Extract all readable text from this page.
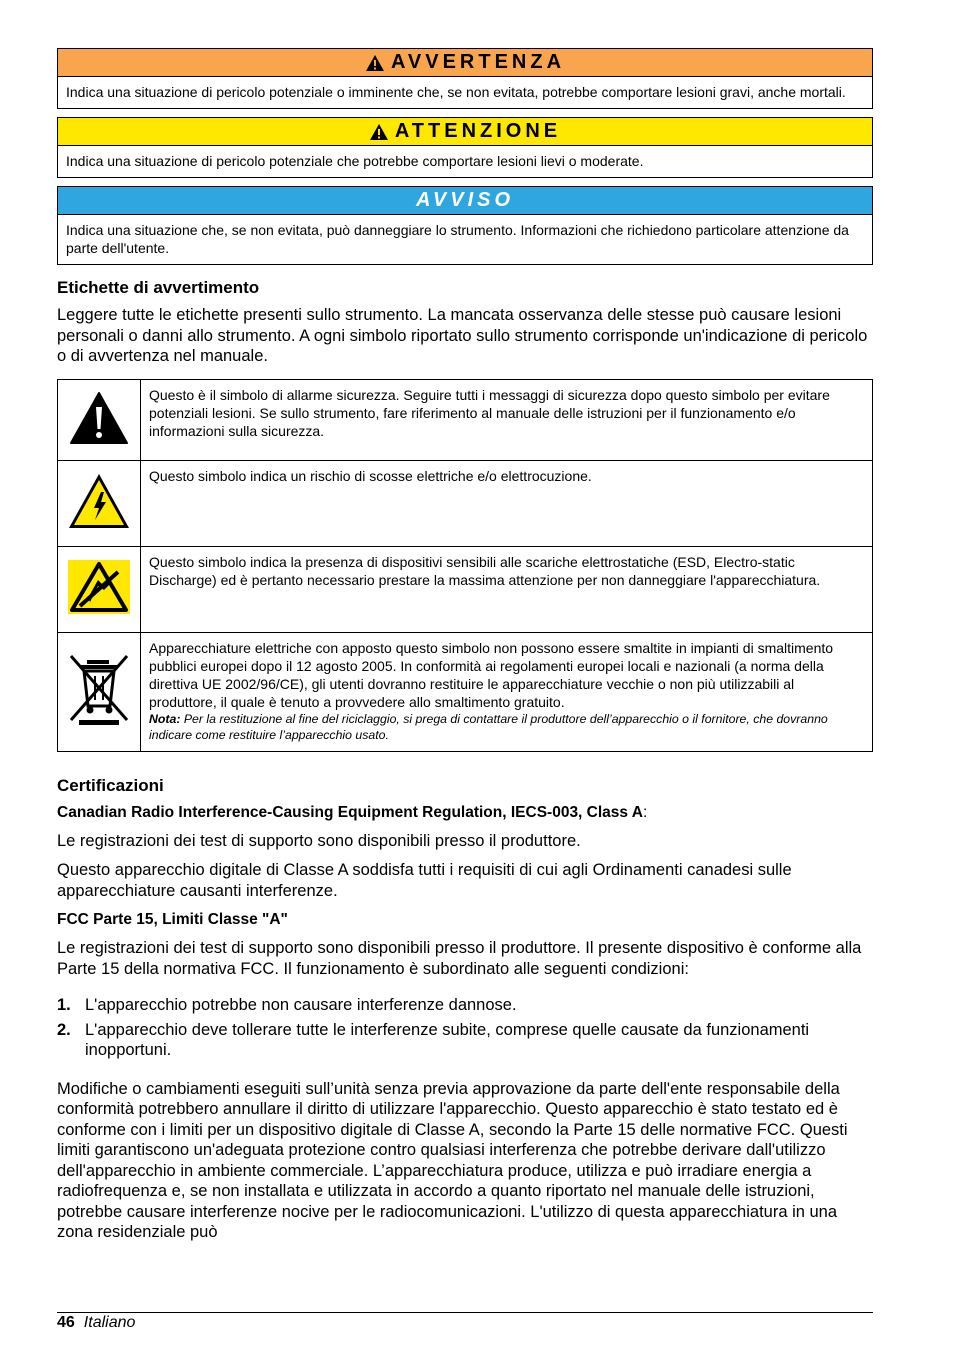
AVVERTENZA
Indica una situazione di pericolo potenziale o imminente che, se non evitata, potrebbe comportare lesioni gravi, anche mortali.
ATTENZIONE
Indica una situazione di pericolo potenziale che potrebbe comportare lesioni lievi o moderate.
AVVISO
Indica una situazione che, se non evitata, può danneggiare lo strumento. Informazioni che richiedono particolare attenzione da parte dell'utente.
Etichette di avvertimento

Leggere tutte le etichette presenti sullo strumento. La mancata osservanza delle stesse può causare lesioni personali o danni allo strumento. A ogni simbolo riportato sullo strumento corrisponde un'indicazione di pericolo o di avvertenza nel manuale.

	Questo è il simbolo di allarme sicurezza. Seguire tutti i messaggi di sicurezza dopo questo simbolo per evitare potenziali lesioni. Se sullo strumento, fare riferimento al manuale delle istruzioni per il funzionamento e/o informazioni sulla sicurezza.
	Questo simbolo indica un rischio di scosse elettriche e/o elettrocuzione.
	Questo simbolo indica la presenza di dispositivi sensibili alle scariche elettrostatiche (ESD, Electro-static Discharge) ed è pertanto necessario prestare la massima attenzione per non danneggiare l'apparecchiatura.

Apparecchiature elettriche con apposto questo simbolo non possono essere smaltite in impianti di smaltimento pubblici europei dopo il 12 agosto 2005. In conformità ai regolamenti europei locali e nazionali (a norma della direttiva UE 2002/96/CE), gli utenti dovranno restituire le apparecchiature vecchie o non più utilizzabili al produttore, il quale è tenuto a provvedere allo smaltimento gratuito.
Nota: Per la restituzione al fine del riciclaggio, si prega di contattare il produttore dell’apparecchio o il fornitore, che dovranno indicare come restituire l’apparecchio usato.
Certificazioni
Canadian Radio Interference-Causing Equipment Regulation, IECS-003, Class A:

Le registrazioni dei test di supporto sono disponibili presso il produttore.

Questo apparecchio digitale di Classe A soddisfa tutti i requisiti di cui agli Ordinamenti canadesi sulle apparecchiature causanti interferenze.

FCC Parte 15, Limiti Classe "A"

Le registrazioni dei test di supporto sono disponibili presso il produttore. Il presente dispositivo è conforme alla Parte 15 della normativa FCC. Il funzionamento è subordinato alle seguenti condizioni:

1. L'apparecchio potrebbe non causare interferenze dannose.
2. L'apparecchio deve tollerare tutte le interferenze subite, comprese quelle causate da funzionamenti inopportuni.

Modifiche o cambiamenti eseguiti sull’unità senza previa approvazione da parte dell'ente responsabile della conformità potrebbero annullare il diritto di utilizzare l'apparecchio. Questo apparecchio è stato testato ed è conforme con i limiti per un dispositivo digitale di Classe A, secondo la Parte 15 delle normative FCC. Questi limiti garantiscono un'adeguata protezione contro qualsiasi interferenza che potrebbe derivare dall'utilizzo dell'apparecchio in ambiente commerciale. L’apparecchiatura produce, utilizza e può irradiare energia a radiofrequenza e, se non installata e utilizzata in accordo a quanto riportato nel manuale delle istruzioni, potrebbe causare interferenze nocive per le radiocomunicazioni. L'utilizzo di questa apparecchiatura in una zona residenziale può

46 Italiano
